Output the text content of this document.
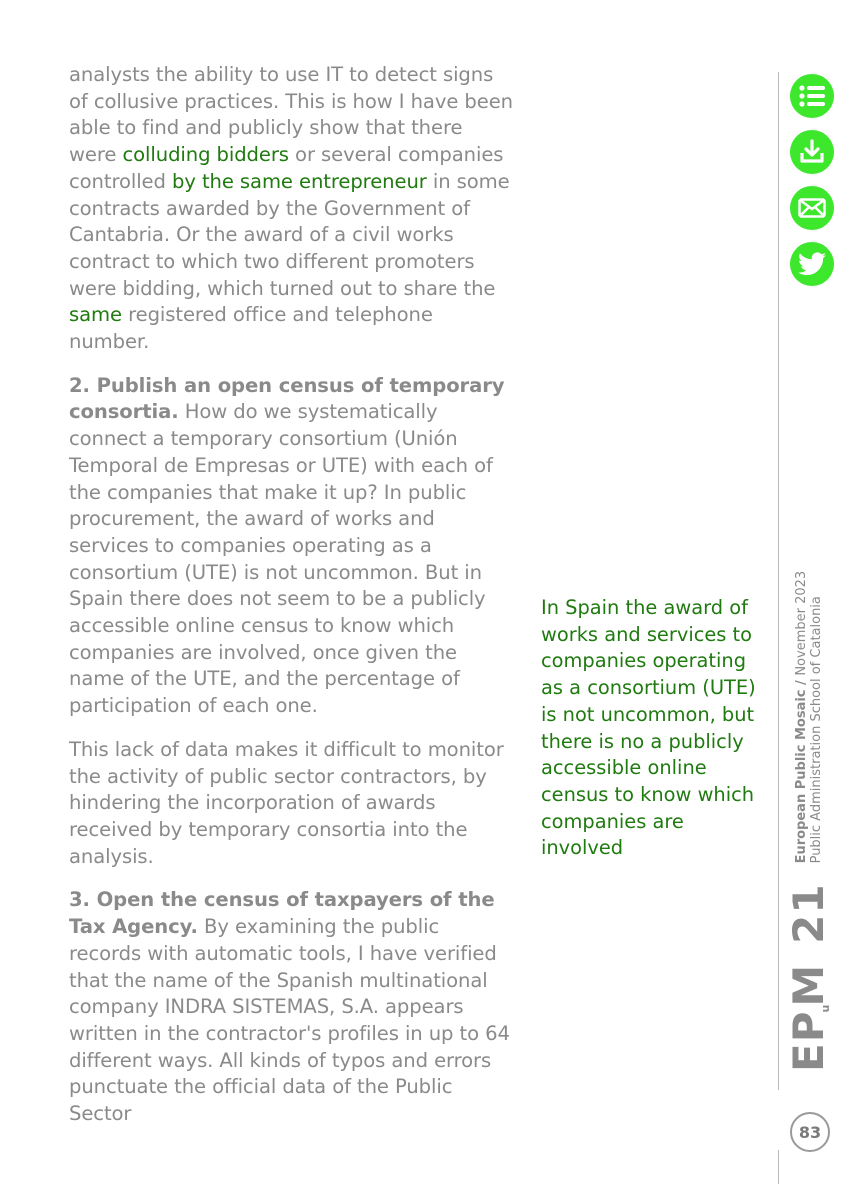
analysts the ability to use IT to detect signs of collusive practices. This is how I have been able to find and publicly show that there were colluding bidders or several companies controlled by the same entrepreneur in some contracts awarded by the Government of Cantabria. Or the award of a civil works contract to which two different promoters were bidding, which turned out to share the same registered office and telephone number.

2. Publish an open census of temporary consortia. How do we systematically connect a temporary consortium (Unión Temporal de Empresas or UTE) with each of the companies that make it up? In public procurement, the award of works and services to companies operating as a consortium (UTE) is not uncommon. But in Spain there does not seem to be a publicly accessible online census to know which companies are involved, once given the name of the UTE, and the percentage of participation of each one.

This lack of data makes it difficult to monitor the activity of public sector contractors, by hindering the incorporation of awards received by temporary consortia into the analysis.

3. Open the census of taxpayers of the Tax Agency. By examining the public records with automatic tools, I have verified that the name of the Spanish multinational company INDRA SISTEMAS, S.A. appears written in the contractor's profiles in up to 64 different ways. All kinds of typos and errors punctuate the official data of the Public Sector

In Spain the award of works and services to companies operating as a consortium (UTE) is not uncommon, but there is no a publicly accessible online census to know which companies are involved
EPuM
21
European Public Mosaic / November 2023 Public Administration School of Catalonia
83
